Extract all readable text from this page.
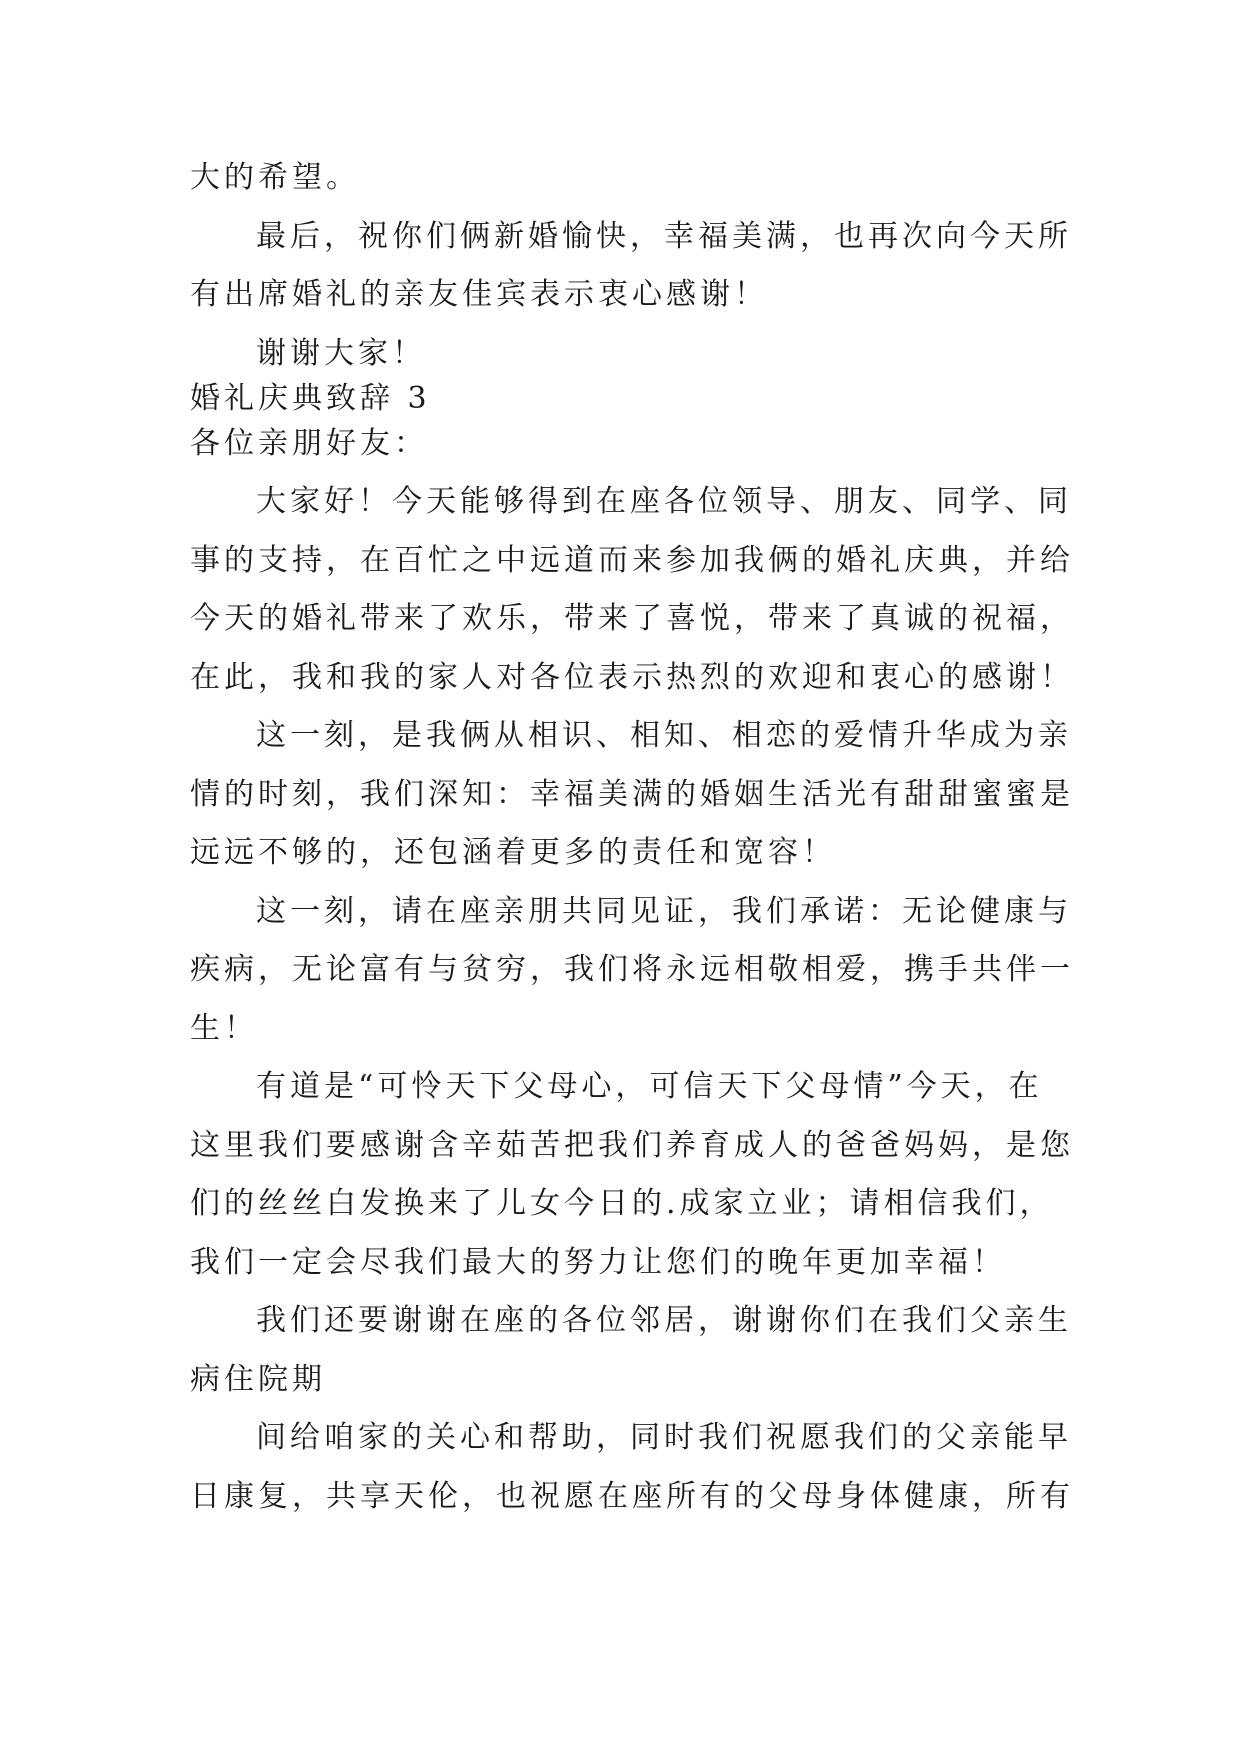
大的希望。
最后，祝你们俩新婚愉快，幸福美满，也再次向今天所
有出席婚礼的亲友佳宾表示衷心感谢！
谢谢大家！
婚礼庆典致辞 3
各位亲朋好友：
大家好！今天能够得到在座各位领导、朋友、同学、同
事的支持，在百忙之中远道而来参加我俩的婚礼庆典，并给
今天的婚礼带来了欢乐，带来了喜悦，带来了真诚的祝福，
在此，我和我的家人对各位表示热烈的欢迎和衷心的感谢！
这一刻，是我俩从相识、相知、相恋的爱情升华成为亲
情的时刻，我们深知：幸福美满的婚姻生活光有甜甜蜜蜜是
远远不够的，还包涵着更多的责任和宽容！
这一刻，请在座亲朋共同见证，我们承诺：无论健康与
疾病，无论富有与贫穷，我们将永远相敬相爱，携手共伴一
生！
有道是“可怜天下父母心，可信天下父母情”今天，在
这里我们要感谢含辛茹苦把我们养育成人的爸爸妈妈，是您
们的丝丝白发换来了儿女今日的.成家立业；请相信我们，
我们一定会尽我们最大的努力让您们的晚年更加幸福！
我们还要谢谢在座的各位邻居，谢谢你们在我们父亲生
病住院期
间给咱家的关心和帮助，同时我们祝愿我们的父亲能早
日康复，共享天伦，也祝愿在座所有的父母身体健康，所有
